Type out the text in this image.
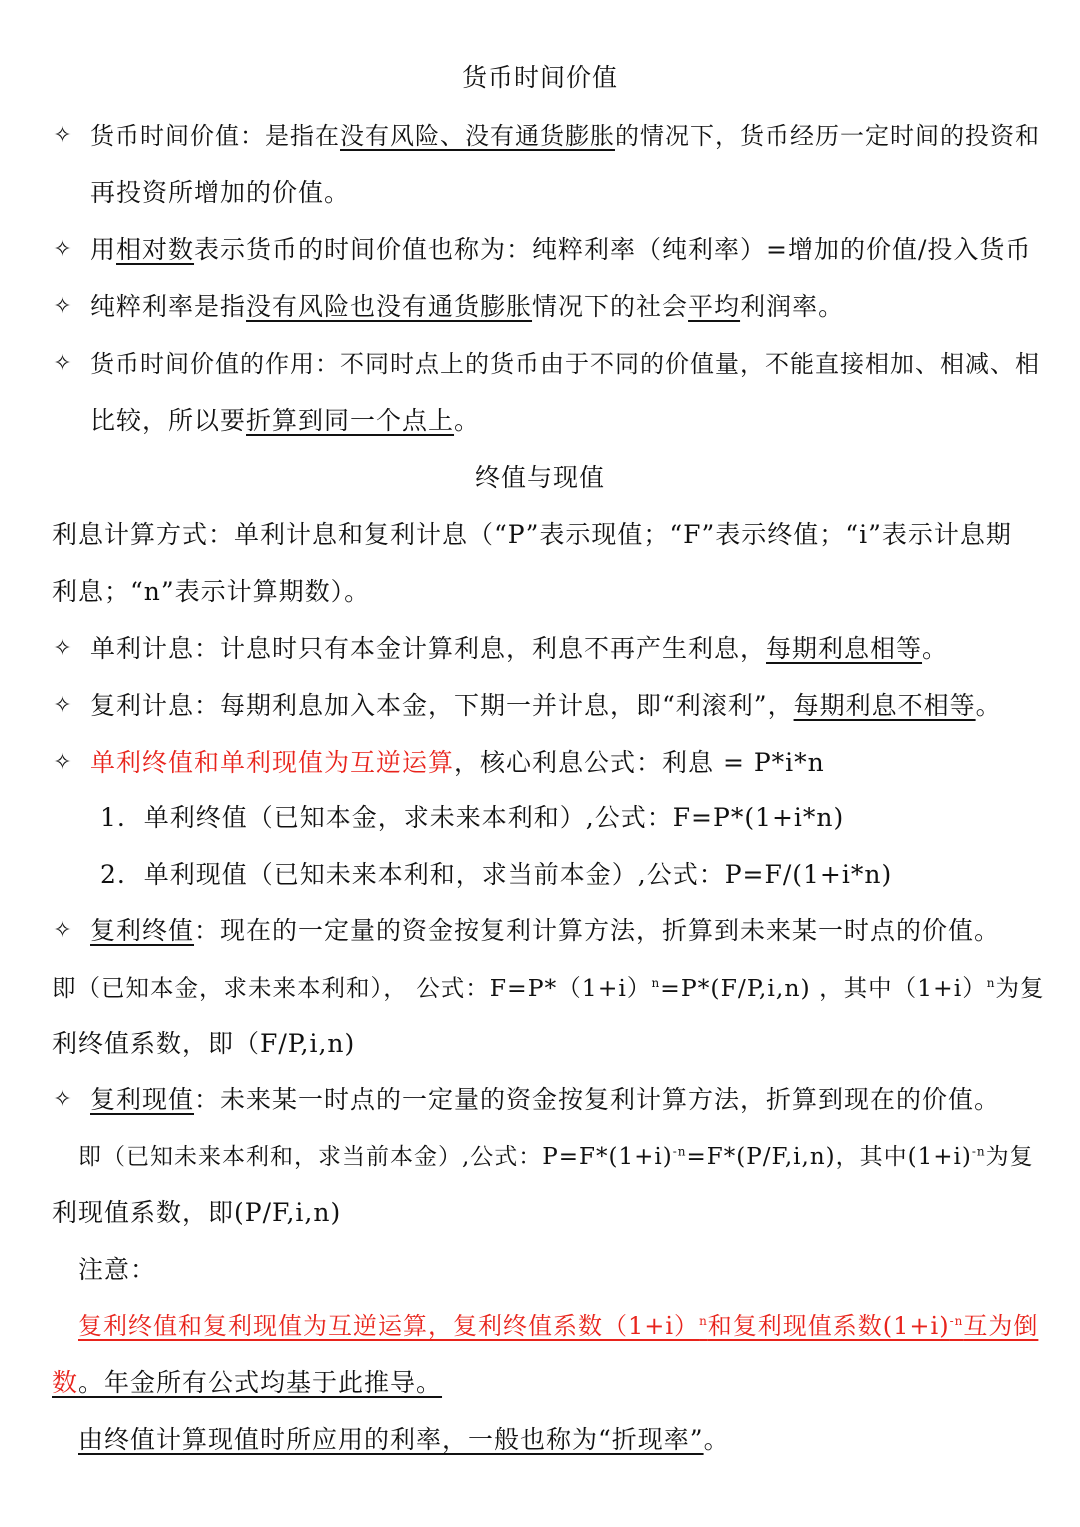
货币时间价值
✧ 货币时间价值：是指在没有风险、没有通货膨胀的情况下，货币经历一定时间的投资和
再投资所增加的价值。
✧ 用相对数表示货币的时间价值也称为：纯粹利率（纯利率）=增加的价值/投入货币
✧ 纯粹利率是指没有风险也没有通货膨胀情况下的社会平均利润率。
✧ 货币时间价值的作用：不同时点上的货币由于不同的价值量，不能直接相加、相减、相
比较，所以要折算到同一个点上。
终值与现值
利息计算方式：单利计息和复利计息（“P”表示现值；“F”表示终值；“i”表示计息期
利息；“n”表示计算期数）。
✧ 单利计息：计息时只有本金计算利息，利息不再产生利息，每期利息相等。
✧ 复利计息：每期利息加入本金，下期一并计息，即“利滚利”，每期利息不相等。
✧ 单利终值和单利现值为互逆运算，核心利息公式：利息 = P*i*n
1. 单利终值（已知本金，求未来本利和）,公式：F=P*(1+i*n)
2. 单利现值（已知未来本利和，求当前本金）,公式：P=F/(1+i*n)
✧ 复利终值：现在的一定量的资金按复利计算方法，折算到未来某一时点的价值。
即（已知本金，求未来本利和）， 公式：$F=P*(1+i)^n=P*(F/P,i,n)$ ，其中$(1+i)^n$为复
利终值系数，即（F/P,i,n)
✧ 复利现值：未来某一时点的一定量的资金按复利计算方法，折算到现在的价值。
即（已知未来本利和，求当前本金）,公式：$P=F*(1+i)^{-n}=F*(P/F,i,n)$，其中$(1+i)^{-n}$为复
利现值系数，即(P/F,i,n)
注意：
复利终值和复利现值为互逆运算，复利终值系数$(1+i)^n$和复利现值系数$(1+i)^{-n}$互为倒
数。年金所有公式均基于此推导。
由终值计算现值时所应用的利率，一般也称为“折现率”。
